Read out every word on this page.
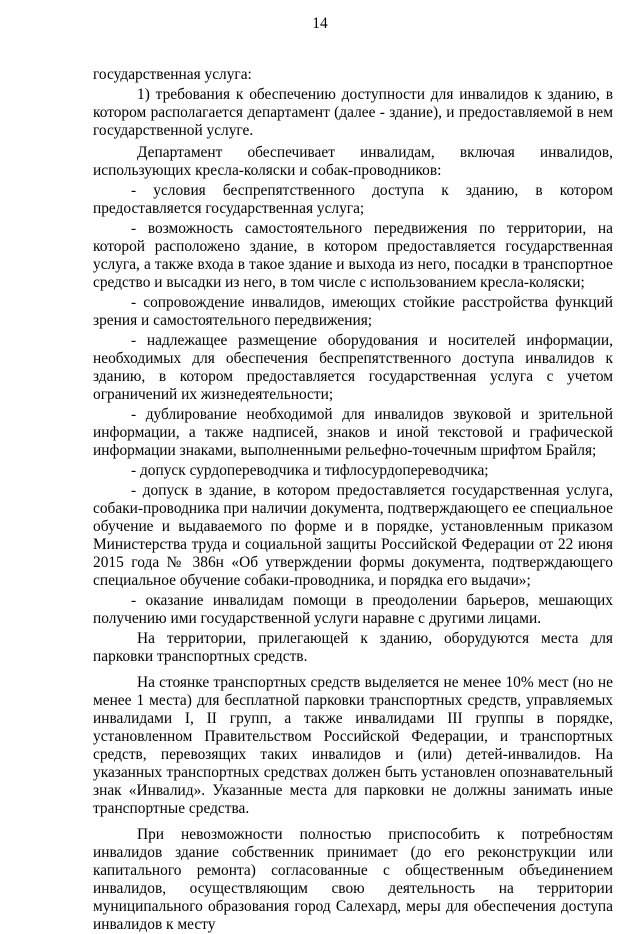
14

государственная услуга:

1) требования к обеспечению доступности для инвалидов к зданию, в котором располагается департамент (далее - здание), и предоставляемой в нем государственной услуге.

Департамент обеспечивает инвалидам, включая инвалидов, использующих кресла-коляски и собак-проводников:

- условия беспрепятственного доступа к зданию, в котором предоставляется государственная услуга;

- возможность самостоятельного передвижения по территории, на которой расположено здание, в котором предоставляется государственная услуга, а также входа в такое здание и выхода из него, посадки в транспортное средство и высадки из него, в том числе с использованием кресла-коляски;

- сопровождение инвалидов, имеющих стойкие расстройства функций зрения и самостоятельного передвижения;

- надлежащее размещение оборудования и носителей информации, необходимых для обеспечения беспрепятственного доступа инвалидов к зданию, в котором предоставляется государственная услуга с учетом ограничений их жизнедеятельности;

- дублирование необходимой для инвалидов звуковой и зрительной информации, а также надписей, знаков и иной текстовой и графической информации знаками, выполненными рельефно-точечным шрифтом Брайля;

- допуск сурдопереводчика и тифлосурдопереводчика;

- допуск в здание, в котором предоставляется государственная услуга, собаки-проводника при наличии документа, подтверждающего ее специальное обучение и выдаваемого по форме и в порядке, установленным приказом Министерства труда и социальной защиты Российской Федерации от 22 июня 2015 года № 386н «Об утверждении формы документа, подтверждающего специальное обучение собаки-проводника, и порядка его выдачи»;

- оказание инвалидам помощи в преодолении барьеров, мешающих получению ими государственной услуги наравне с другими лицами.

На территории, прилегающей к зданию, оборудуются места для парковки транспортных средств.

На стоянке транспортных средств выделяется не менее 10% мест (но не менее 1 места) для бесплатной парковки транспортных средств, управляемых инвалидами I, II групп, а также инвалидами III группы в порядке, установленном Правительством Российской Федерации, и транспортных средств, перевозящих таких инвалидов и (или) детей-инвалидов. На указанных транспортных средствах должен быть установлен опознавательный знак «Инвалид». Указанные места для парковки не должны занимать иные транспортные средства.

При невозможности полностью приспособить к потребностям инвалидов здание собственник принимает (до его реконструкции или капитального ремонта) согласованные с общественным объединением инвалидов, осуществляющим свою деятельность на территории муниципального образования город Салехард, меры для обеспечения доступа инвалидов к месту
